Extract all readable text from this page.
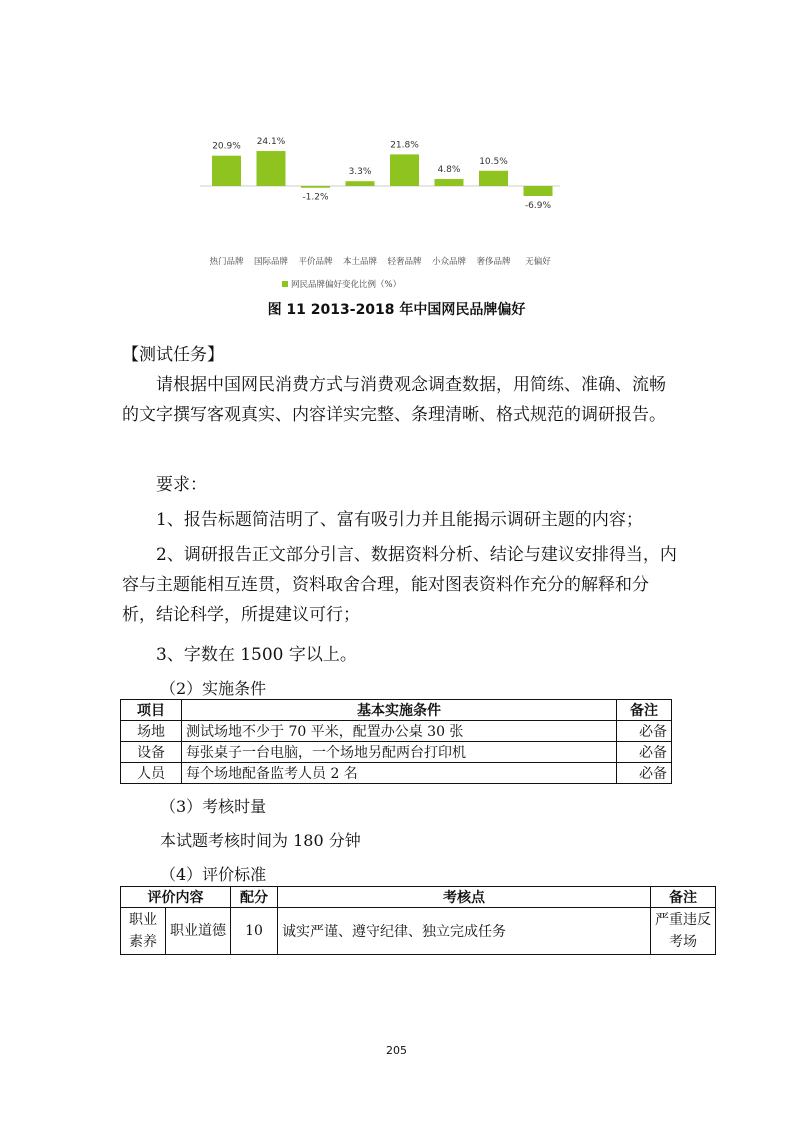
20.9%
热门品牌
24.1%
国际品牌
-1.2%
平价品牌
3.3%
本土品牌
21.8%
轻奢品牌
4.8%
小众品牌
10.5%
奢侈品牌
-6.9%
无偏好
网民品牌偏好变化比例（%）
图 11 2013-2018 年中国网民品牌偏好

【测试任务】

请根据中国网民消费方式与消费观念调查数据，用简练、准确、流畅的文字撰写客观真实、内容详实完整、条理清晰、格式规范的调研报告。

要求：

1、报告标题简洁明了、富有吸引力并且能揭示调研主题的内容；

2、调研报告正文部分引言、数据资料分析、结论与建议安排得当，内容与主题能相互连贯，资料取舍合理，能对图表资料作充分的解释和分析，结论科学，所提建议可行；

3、字数在 1500 字以上。

（2）实施条件
项目	基本实施条件	备注
场地	测试场地不少于 70 平米，配置办公桌 30 张	必备
设备	每张桌子一台电脑，一个场地另配两台打印机	必备
人员	每个场地配备监考人员 2 名	必备
（3）考核时量
本试题考核时间为 180 分钟
（4）评价标准
评价内容		配分	考核点	备注
职业素养	职业道德	10	诚实严谨、遵守纪律、独立完成任务	严重违反考场
205
